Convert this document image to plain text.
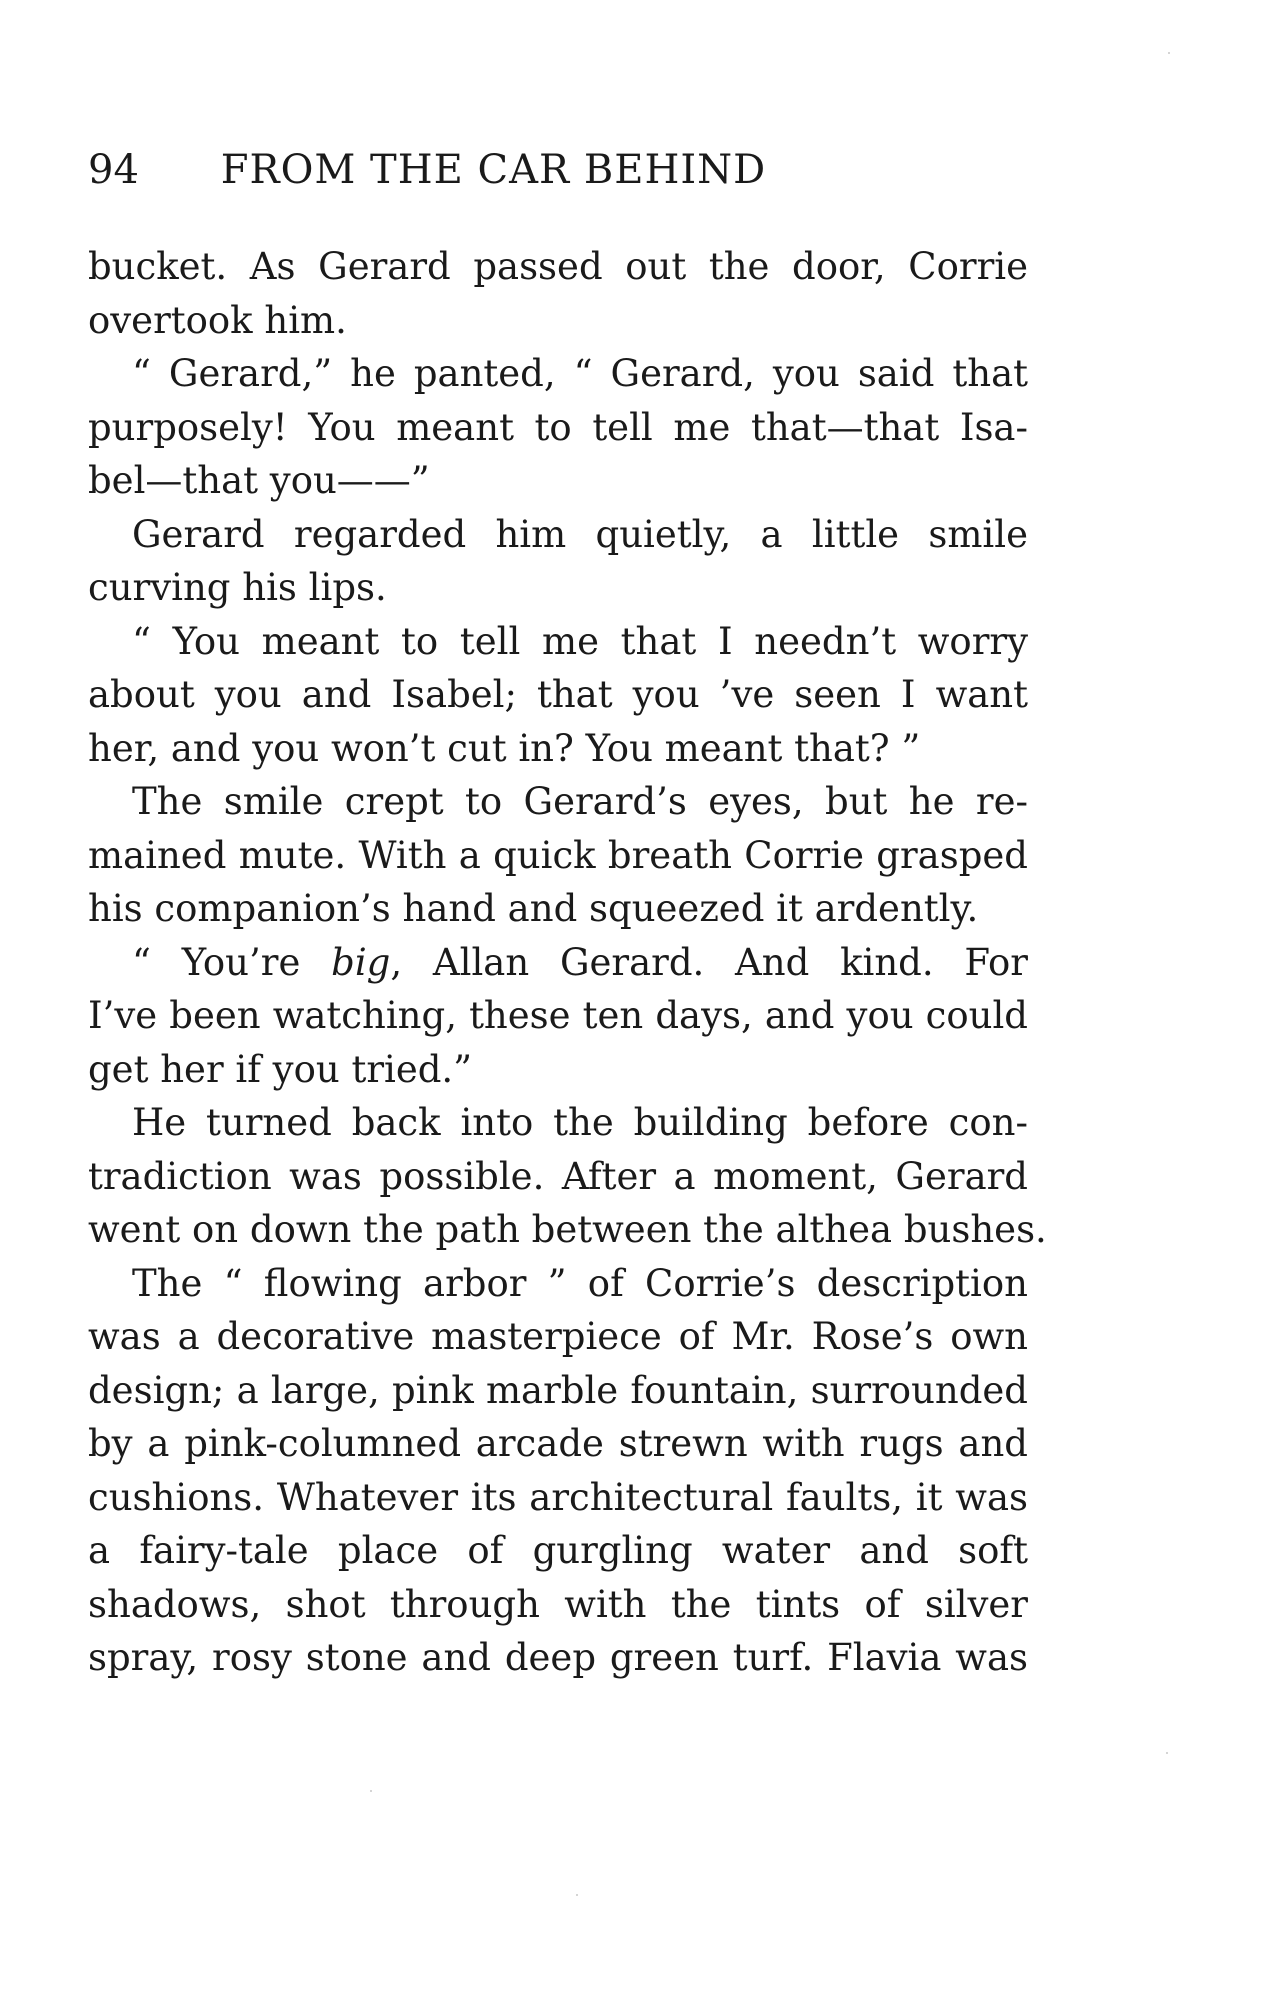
94 FROM THE CAR BEHIND
bucket. As Gerard passed out the door, Corrie
overtook him.
“ Gerard,” he panted, “ Gerard, you said that
purposely! You meant to tell me that—that Isa-
bel—that you——”
Gerard regarded him quietly, a little smile
curving his lips.
“ You meant to tell me that I needn’t worry
about you and Isabel; that you ’ve seen I want
her, and you won’t cut in? You meant that? ”
The smile crept to Gerard’s eyes, but he re-
mained mute. With a quick breath Corrie grasped
his companion’s hand and squeezed it ardently.
“ You’re big, Allan Gerard. And kind. For
I’ve been watching, these ten days, and you could
get her if you tried.”
He turned back into the building before con-
tradiction was possible. After a moment, Gerard
went on down the path between the althea bushes.
The “ flowing arbor ” of Corrie’s description
was a decorative masterpiece of Mr. Rose’s own
design; a large, pink marble fountain, surrounded
by a pink-columned arcade strewn with rugs and
cushions. Whatever its architectural faults, it was
a fairy-tale place of gurgling water and soft
shadows, shot through with the tints of silver
spray, rosy stone and deep green turf. Flavia was
